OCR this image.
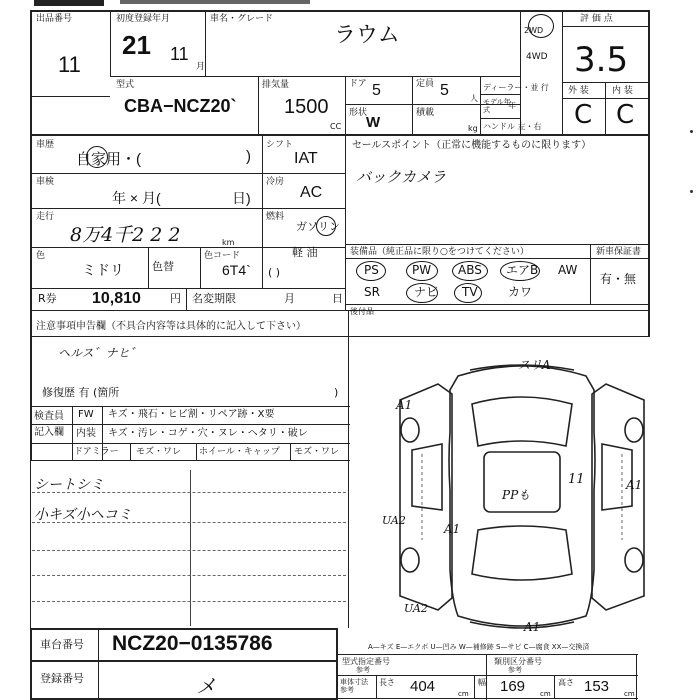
出品番号
11
初度登録年月
21 11
月
車名・グレード
ラウム	2WD
4WD
評 価 点
3.5
型式
CBA−NCZ20`
排気量
1500
CC
ドア 5	定員 5	人
ディーラー・並 行
モデル年式	年
形状
W
積載
kg ハンドル 左・右
外 装	内 装
C C
車歴
自家用・(	)
シフト
IAT
車検
年 × 月(	日)
冷房
AC
走行
8万4千2 2 2	km
燃料
ガソリン
軽 油
( )
色
ミドリ	色替
色コード
6T4`
R券 10,810	円 名変期限	月	日
セールスポイント（正常に機能するものに限ります）
バックカメラ
装備品（純正品に限り○をつけてください）	新車保証書
有・無
PS	PW ABS エアB AW
SR	ナビ TV	カワ
後付品
注意事項申告欄（不具合内容等は具体的に記入して下さい）
ヘルス゛ナヒ゛
修復歴 有 (箇所	)
検査員
記入欄
FW キズ・飛石・ヒビ割・リペア跡・X要
内装 キズ・汚レ・コゲ・穴・ヌレ・ヘタリ・破レ
ドアミラー モズ・ワレ ホイール・キャップ モズ・ワレ
シートシミ
小キズ小ヘコミ
スリA
A1
PPも
11	A1
UA2
A1
UA2
A1
A—キズ E—エクボ U—凹み W—補修跡 S—サビ C—腐食 XX—交換済
車台番号 NCZ20−0135786
登録番号	メ
型式指定番号
参考
類別区分番号
参考
車体寸法 参考
長さ 404	cm
幅 169 cm
高さ 153 cm
